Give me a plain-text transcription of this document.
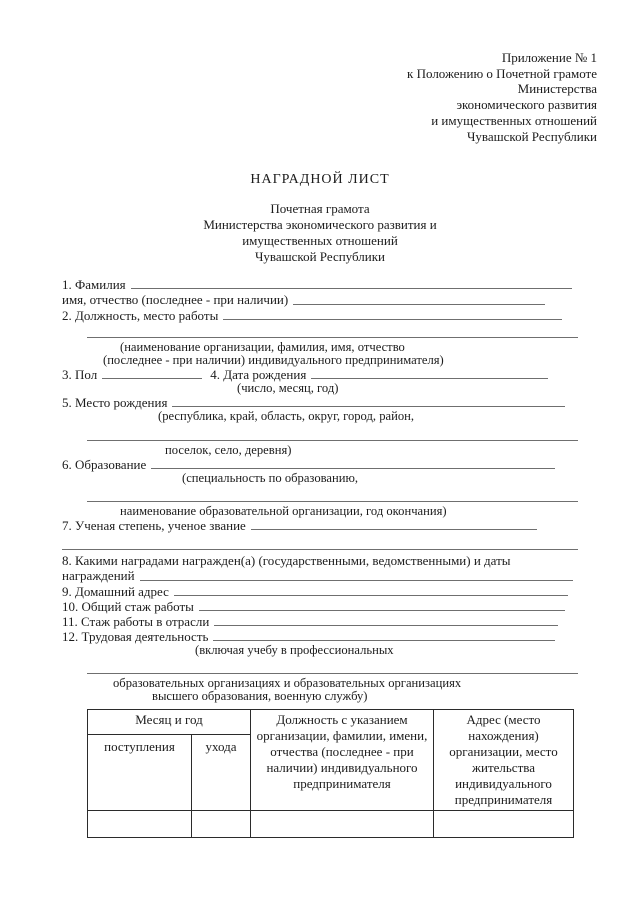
Приложение № 1
к Положению о Почетной грамоте
Министерства
экономического развития
и имущественных отношений
Чувашской Республики
НАГРАДНОЙ ЛИСТ
Почетная грамота
Министерства экономического развития и
имущественных отношений
Чувашской Республики
1. Фамилия
имя, отчество (последнее - при наличии)
2. Должность, место работы
(наименование организации, фамилия, имя, отчество
(последнее - при наличии) индивидуального предпринимателя)
3. Пол	4. Дата рождения
(число, месяц, год)
5. Место рождения
(республика, край, область, округ, город, район,
поселок, село, деревня)
6. Образование
(специальность по образованию,
наименование образовательной организации, год окончания)
7. Ученая степень, ученое звание
8. Какими наградами награжден(а) (государственными, ведомственными) и даты
награждений
9. Домашний адрес
10. Общий стаж работы
11. Стаж работы в отрасли
12. Трудовая деятельность
(включая учебу в профессиональных
образовательных организациях и образовательных организациях
высшего образования, военную службу)
Месяц и год		Должность с указанием организации, фамилии, имени, отчества (последнее - при наличии) индивидуального предпринимателя	Адрес (место нахождения) организации, место жительства индивидуального предпринимателя
поступления	ухода		
